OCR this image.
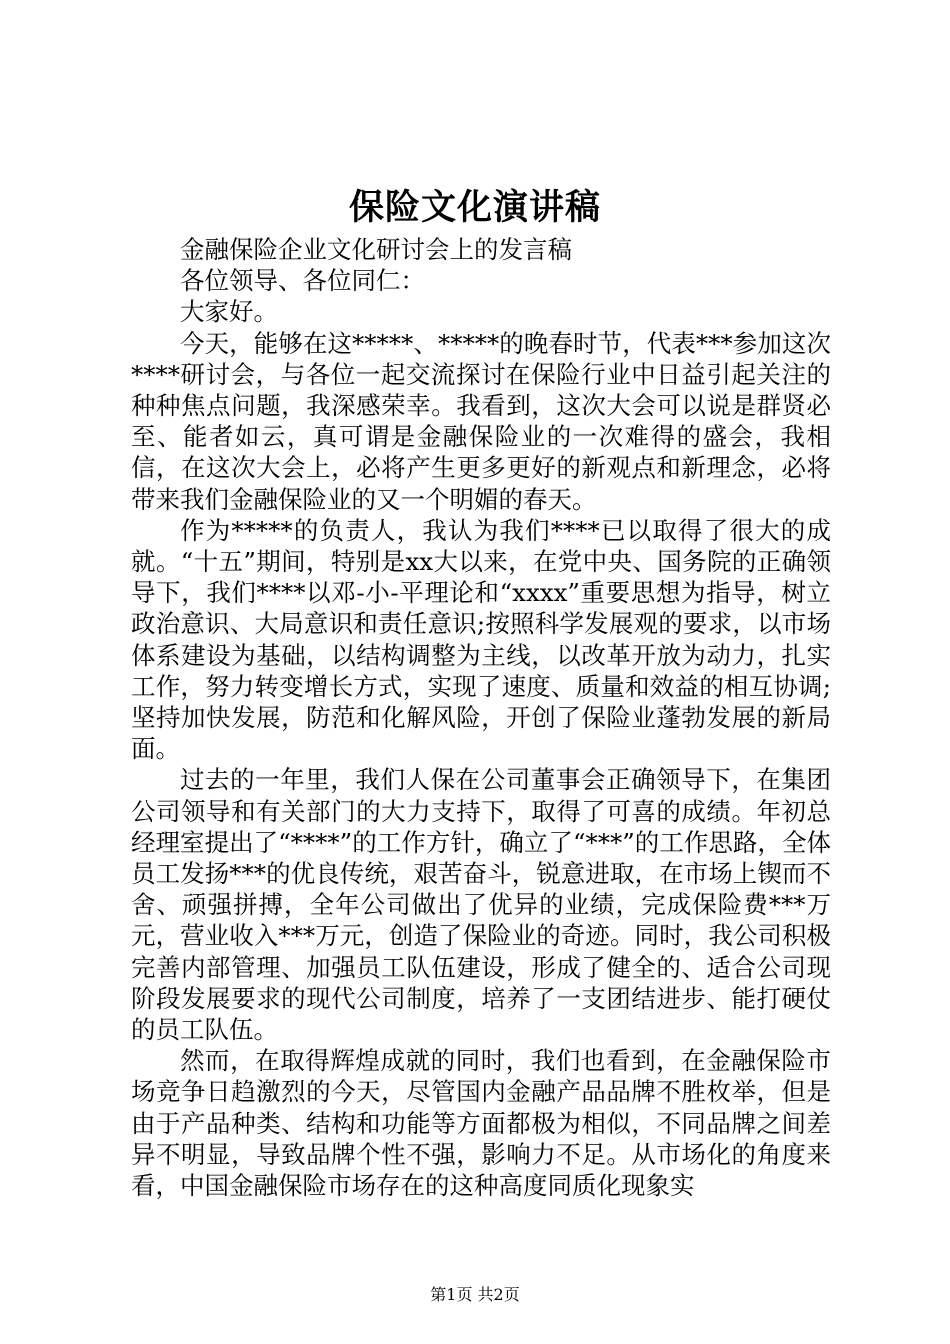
保险文化演讲稿

金融保险企业文化研讨会上的发言稿

各位领导、各位同仁：

大家好。

今天，能够在这*****、*****的晚春时节，代表***参加这次****研讨会，与各位一起交流探讨在保险行业中日益引起关注的种种焦点问题，我深感荣幸。我看到，这次大会可以说是群贤必至、能者如云，真可谓是金融保险业的一次难得的盛会，我相信，在这次大会上，必将产生更多更好的新观点和新理念，必将带来我们金融保险业的又一个明媚的春天。

作为*****的负责人，我认为我们****已以取得了很大的成就。“十五”期间，特别是xx大以来，在党中央、国务院的正确领导下，我们****以邓-小-平理论和“xxxx”重要思想为指导，树立政治意识、大局意识和责任意识;按照科学发展观的要求，以市场体系建设为基础，以结构调整为主线，以改革开放为动力，扎实工作，努力转变增长方式，实现了速度、质量和效益的相互协调;坚持加快发展，防范和化解风险，开创了保险业蓬勃发展的新局面。

过去的一年里，我们人保在公司董事会正确领导下，在集团公司领导和有关部门的大力支持下，取得了可喜的成绩。年初总经理室提出了“****”的工作方针，确立了“***”的工作思路，全体员工发扬***的优良传统，艰苦奋斗，锐意进取，在市场上锲而不舍、顽强拼搏，全年公司做出了优异的业绩，完成保险费***万元，营业收入***万元，创造了保险业的奇迹。同时，我公司积极完善内部管理、加强员工队伍建设，形成了健全的、适合公司现阶段发展要求的现代公司制度，培养了一支团结进步、能打硬仗的员工队伍。

然而，在取得辉煌成就的同时，我们也看到，在金融保险市场竞争日趋激烈的今天，尽管国内金融产品品牌不胜枚举，但是由于产品种类、结构和功能等方面都极为相似，不同品牌之间差异不明显，导致品牌个性不强，影响力不足。从市场化的角度来看，中国金融保险市场存在的这种高度同质化现象实

第1页 共2页
